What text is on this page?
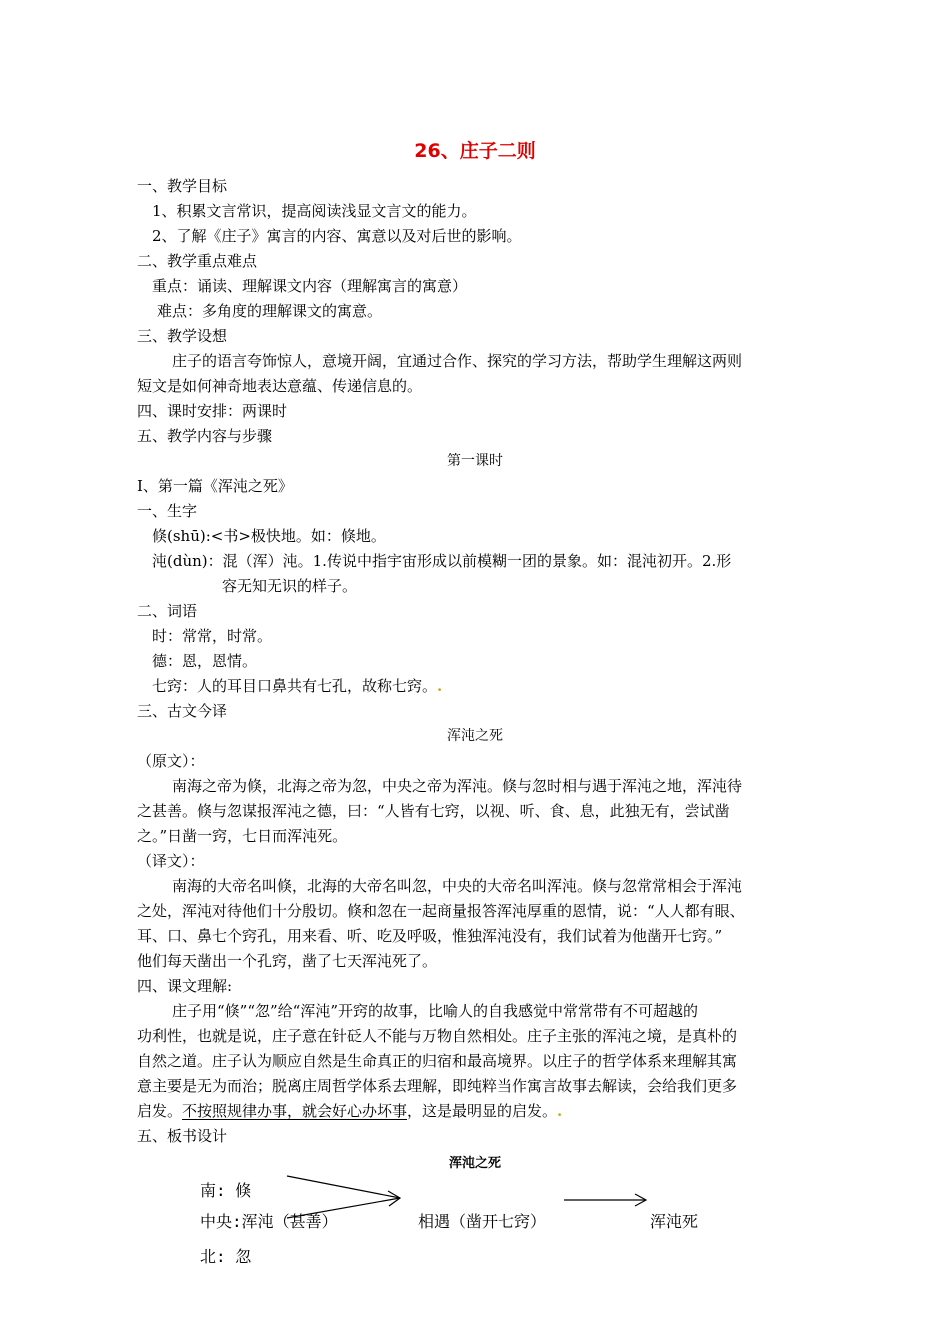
26、庄子二则
一、教学目标
1、积累文言常识，提高阅读浅显文言文的能力。
2、了解《庄子》寓言的内容、寓意以及对后世的影响。
二、教学重点难点
重点：诵读、理解课文内容（理解寓言的寓意）
难点：多角度的理解课文的寓意。
三、教学设想
庄子的语言夸饰惊人，意境开阔，宜通过合作、探究的学习方法，帮助学生理解这两则
短文是如何神奇地表达意蕴、传递信息的。
四、课时安排：两课时
五、教学内容与步骤
第一课时
Ⅰ、第一篇《浑沌之死》
一、生字
倏(shū):<书>极快地。如：倏地。
沌(dùn)：混（浑）沌。1.传说中指宇宙形成以前模糊一团的景象。如：混沌初开。2.形
容无知无识的样子。
二、词语
时：常常，时常。
德：恩，恩情。
七窍：人的耳目口鼻共有七孔，故称七窍。.
三、古文今译
浑沌之死
（原文）：
南海之帝为倏，北海之帝为忽，中央之帝为浑沌。倏与忽时相与遇于浑沌之地，浑沌待
之甚善。倏与忽谋报浑沌之德，曰：“人皆有七窍，以视、听、食、息，此独无有，尝试凿
之。”日凿一窍，七日而浑沌死。
（译文）：
南海的大帝名叫倏，北海的大帝名叫忽，中央的大帝名叫浑沌。倏与忽常常相会于浑沌
之处，浑沌对待他们十分殷切。倏和忽在一起商量报答浑沌厚重的恩情，说：“人人都有眼、
耳、口、鼻七个窍孔，用来看、听、吃及呼吸，惟独浑沌没有，我们试着为他凿开七窍。”
他们每天凿出一个孔窍，凿了七天浑沌死了。
四、课文理解:
庄子用“倏”“忽”给“浑沌”开窍的故事，比喻人的自我感觉中常常带有不可超越的
功利性，也就是说，庄子意在针砭人不能与万物自然相处。庄子主张的浑沌之境，是真朴的
自然之道。庄子认为顺应自然是生命真正的归宿和最高境界。以庄子的哲学体系来理解其寓
意主要是无为而治；脱离庄周哲学体系去理解，即纯粹当作寓言故事去解读，会给我们更多
启发。不按照规律办事，就会好心办坏事，这是最明显的启发。.
五、板书设计
浑沌之死
南: 倏
中央:浑沌（甚善）	相遇（凿开七窍）	浑沌死
北: 忽
